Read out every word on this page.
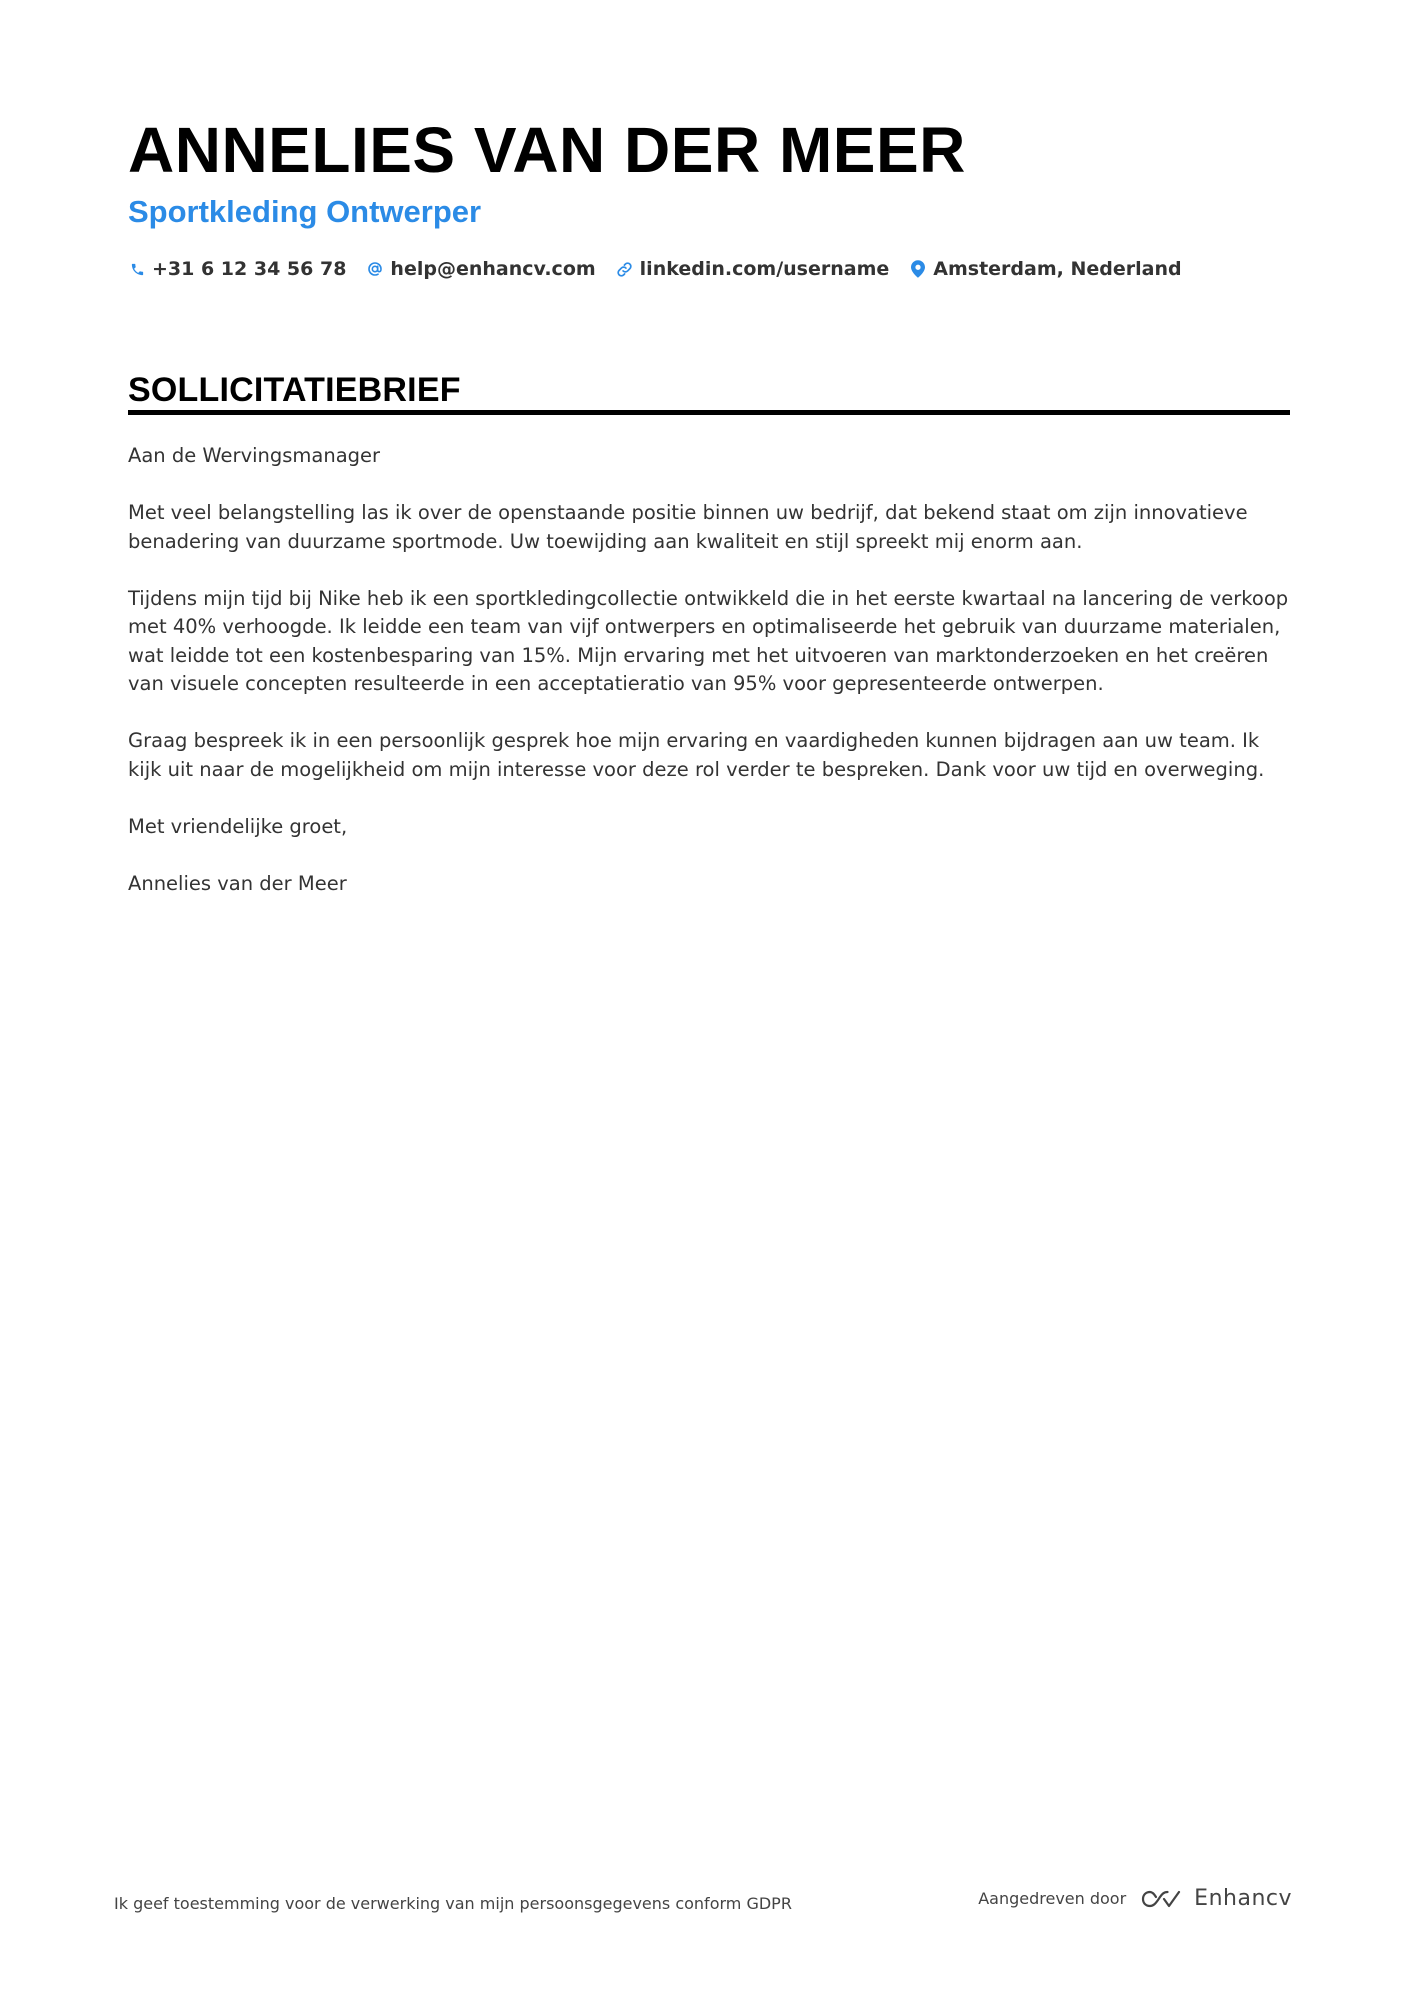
ANNELIES VAN DER MEER
Sportkleding Ontwerper
+31 6 12 34 56 78 help@enhancv.com linkedin.com/username Amsterdam, Nederland
SOLLICITATIEBRIEF

Aan de Wervingsmanager

Met veel belangstelling las ik over de openstaande positie binnen uw bedrijf, dat bekend staat om zijn innovatieve benadering van duurzame sportmode. Uw toewijding aan kwaliteit en stijl spreekt mij enorm aan.

Tijdens mijn tijd bij Nike heb ik een sportkledingcollectie ontwikkeld die in het eerste kwartaal na lancering de verkoop met 40% verhoogde. Ik leidde een team van vijf ontwerpers en optimaliseerde het gebruik van duurzame materialen, wat leidde tot een kostenbesparing van 15%. Mijn ervaring met het uitvoeren van marktonderzoeken en het creëren van visuele concepten resulteerde in een acceptatieratio van 95% voor gepresenteerde ontwerpen.

Graag bespreek ik in een persoonlijk gesprek hoe mijn ervaring en vaardigheden kunnen bijdragen aan uw team. Ik kijk uit naar de mogelijkheid om mijn interesse voor deze rol verder te bespreken. Dank voor uw tijd en overweging.

Met vriendelijke groet,

Annelies van der Meer

Ik geef toestemming voor de verwerking van mijn persoonsgegevens conform GDPR	Aangedreven door	Enhancv
